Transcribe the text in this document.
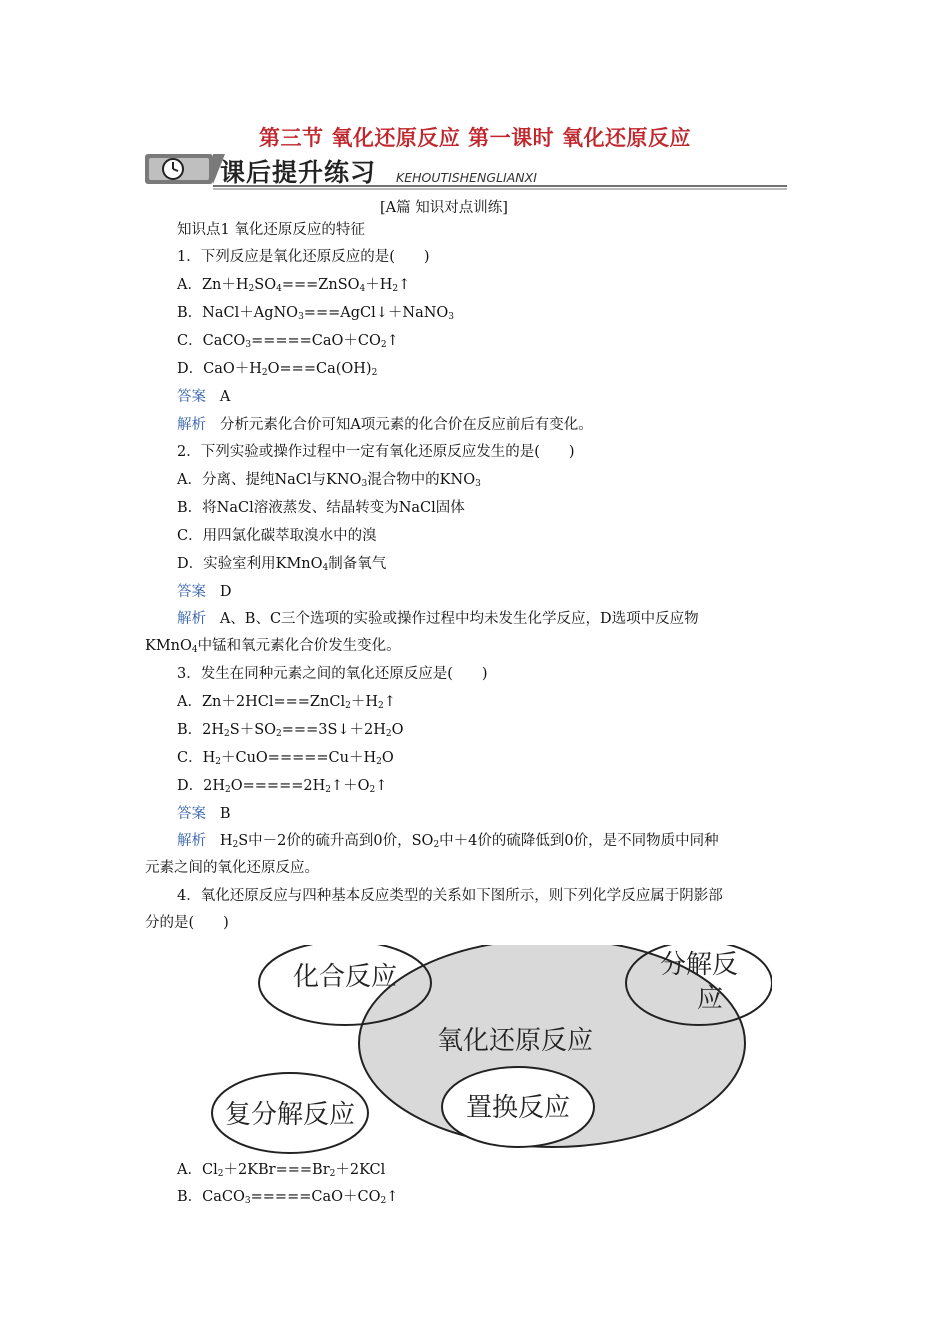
第三节 氧化还原反应 第一课时 氧化还原反应
课后提升练习 KEHOUTISHENGLIANXI
[A篇 知识对点训练]
知识点1 氧化还原反应的特征
1．下列反应是氧化还原反应的是(　　)
A．$Zn+H_2SO_4===ZnSO_4+H_2↑$
B．NaCl＋AgNO$_3$===AgCl↓＋NaNO$_3$
C．$CaCO_3=====CaO+CO_2↑$
D．$CaO+H_2O===Ca(OH)_2$
答案 A
解析 分析元素化合价可知A项元素的化合价在反应前后有变化。
2．下列实验或操作过程中一定有氧化还原反应发生的是(　　)
A．分离、提纯NaCl与$KNO_3$混合物中的$KNO_3$
B．将NaCl溶液蒸发、结晶转变为NaCl固体
C．用四氯化碳萃取溴水中的溴
D．实验室利用KMnO$_4$制备氧气
答案 D
解析 A、B、C三个选项的实验或操作过程中均未发生化学反应，D选项中反应物
KMnO$_4$中锰和氧元素化合价发生变化。
3．发生在同种元素之间的氧化还原反应是(　　)
A．$Zn+2HCl===ZnCl_2+H_2↑$
B．$2H_2S+SO_2===3S↓+2H_2O$
C．$H_2+CuO=====Cu+H_2O$
D．$2H_2O=====2H_2↑+O_2↑$
答案 B
解析 $H_2S$中－2价的硫升高到0价，$SO_2$中＋4价的硫降低到0价，是不同物质中同种
元素之间的氧化还原反应。
4．氧化还原反应与四种基本反应类型的关系如下图所示，则下列化学反应属于阴影部
分的是(　　)
化合反应	分解反
应
氧化还原反应
置换反应
复分解反应
A．$Cl_2+2KBr===Br_2+2KCl$
B．$CaCO_3=====CaO+CO_2↑$
